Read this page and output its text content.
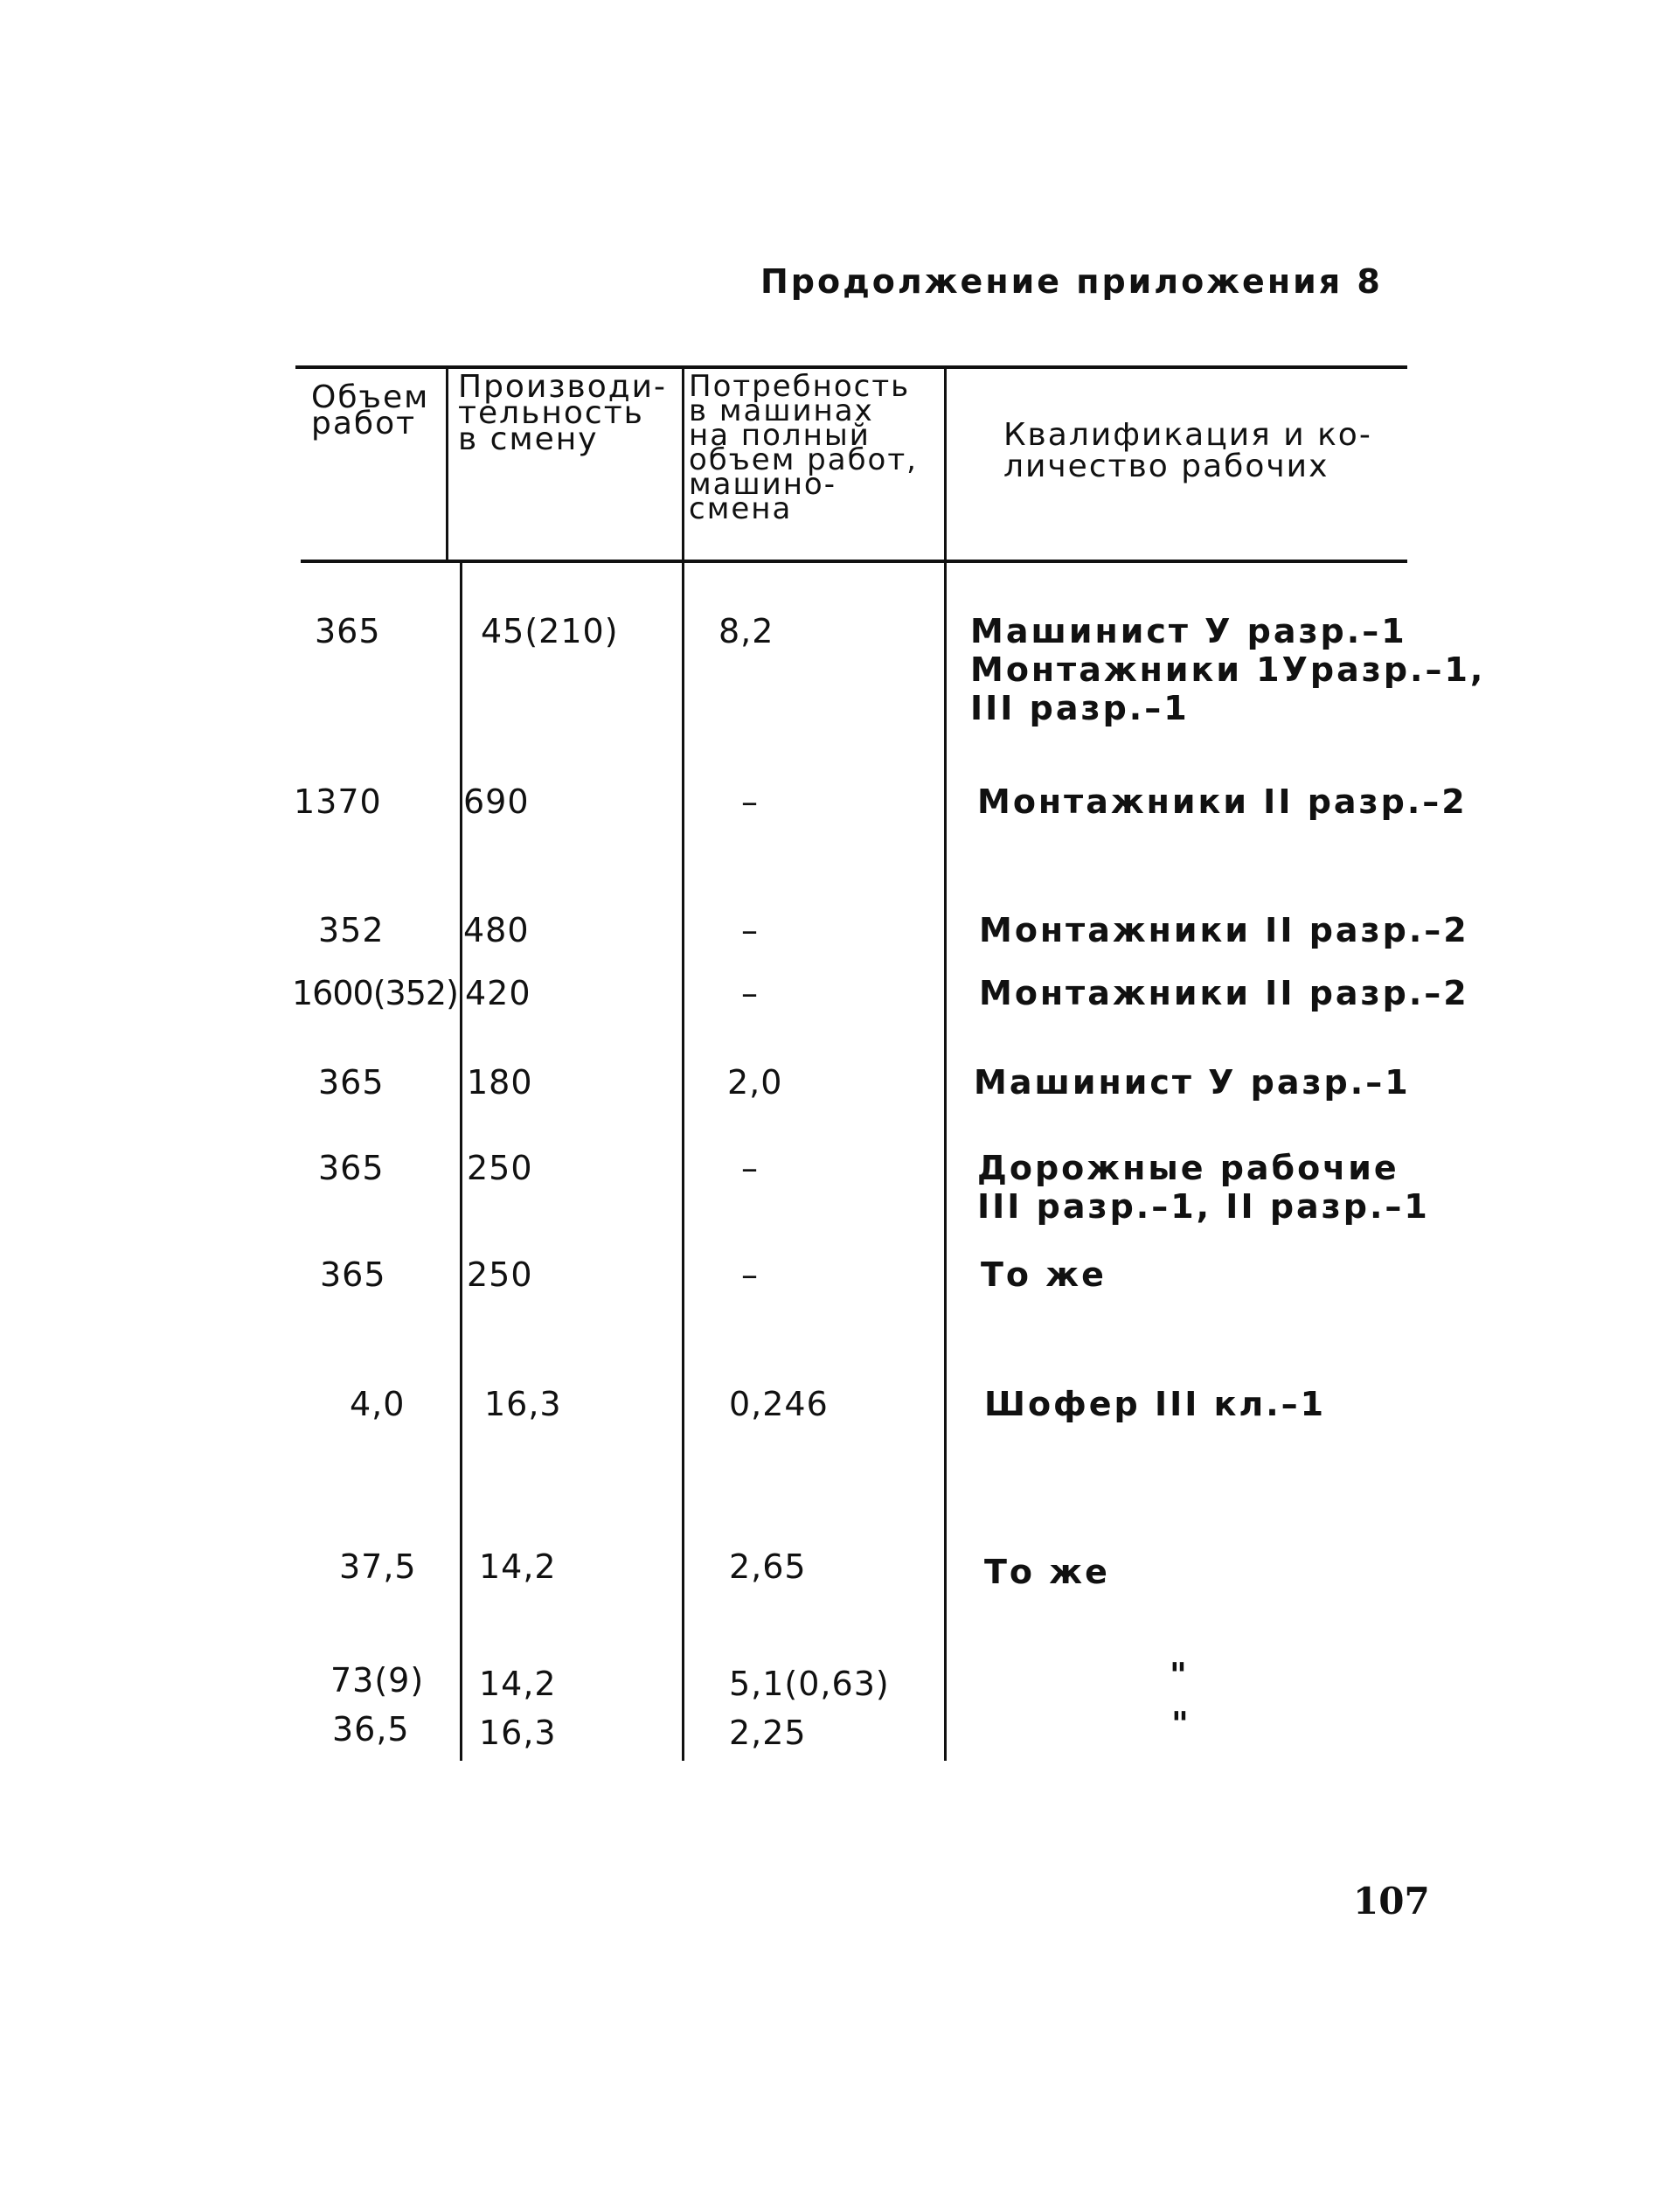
Продолжение приложения 8
Объем
работ
Производи-
тельность
в смену
Потребность
в машинах
на полный
объем работ,
машино-
смена
Квалификация и ко-
личество рабочих
365	45(210)	8,2	Машинист У разр.–1
Монтажники 1Уразр.–1,
III разр.–1
1370 690	–	Монтажники II разр.–2
352 480	–	Монтажники II разр.–2
1600(352) 420	–	Монтажники II разр.–2
365 180	2,0	Машинист У разр.–1
365 250	–	Дорожные рабочие
III разр.–1, II разр.–1
365 250	–	То же
4,0 16,3	0,246	Шофер III кл.–1
37,5 14,2	2,65	То же
73(9) 14,2	5,1(0,63)	"
36,5 16,3	2,25	"
107
